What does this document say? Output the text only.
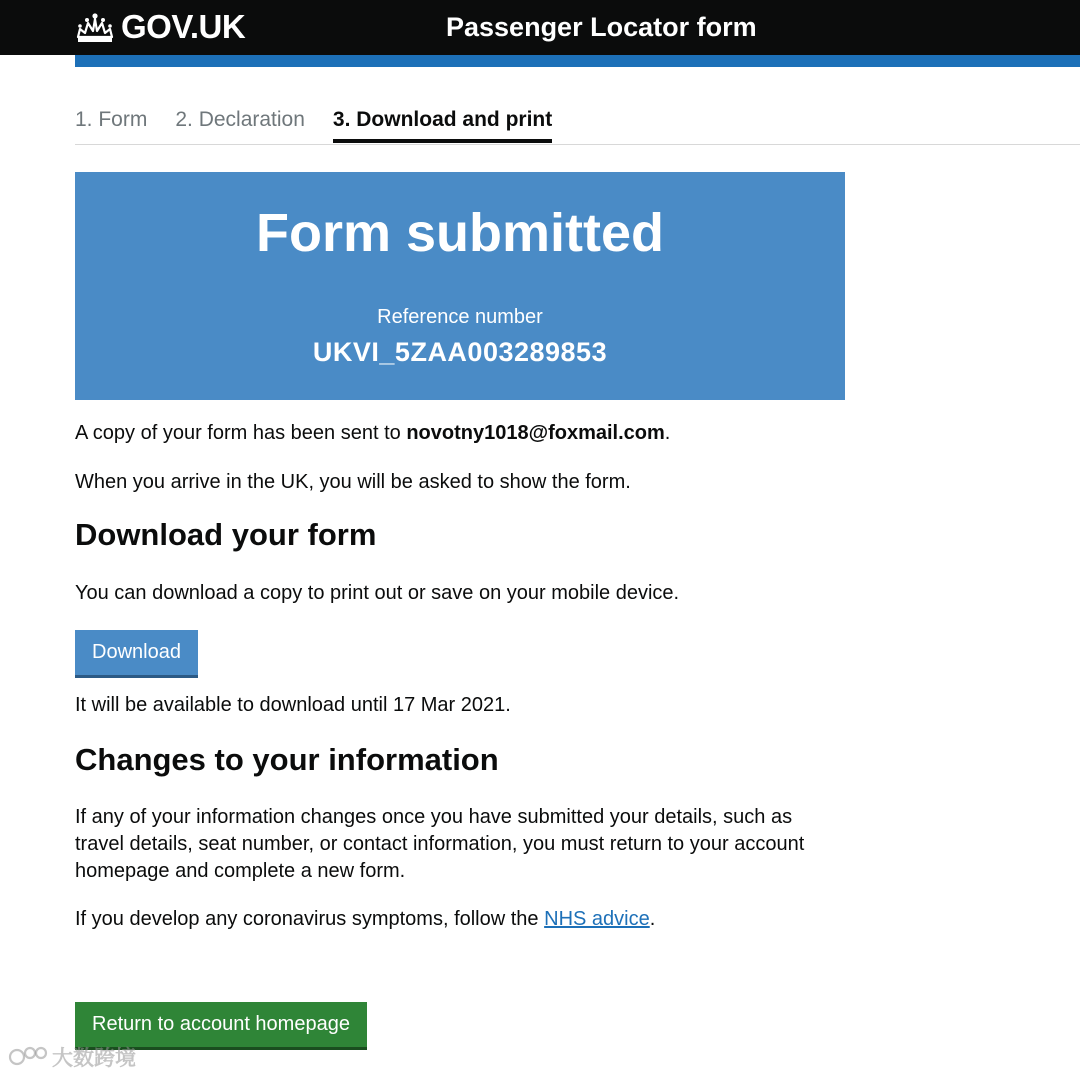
GOV.UK	Passenger Locator form
1. Form 2. Declaration 3. Download and print
Form submitted
Reference number
UKVI_5ZAA003289853

A copy of your form has been sent to novotny1018@foxmail.com.

When you arrive in the UK, you will be asked to show the form.

Download your form

You can download a copy to print out or save on your mobile device.

Download

It will be available to download until 17 Mar 2021.

Changes to your information

If any of your information changes once you have submitted your details, such as travel details, seat number, or contact information, you must return to your account homepage and complete a new form.

If you develop any coronavirus symptoms, follow the NHS advice.

Return to account homepage
大数跨境
